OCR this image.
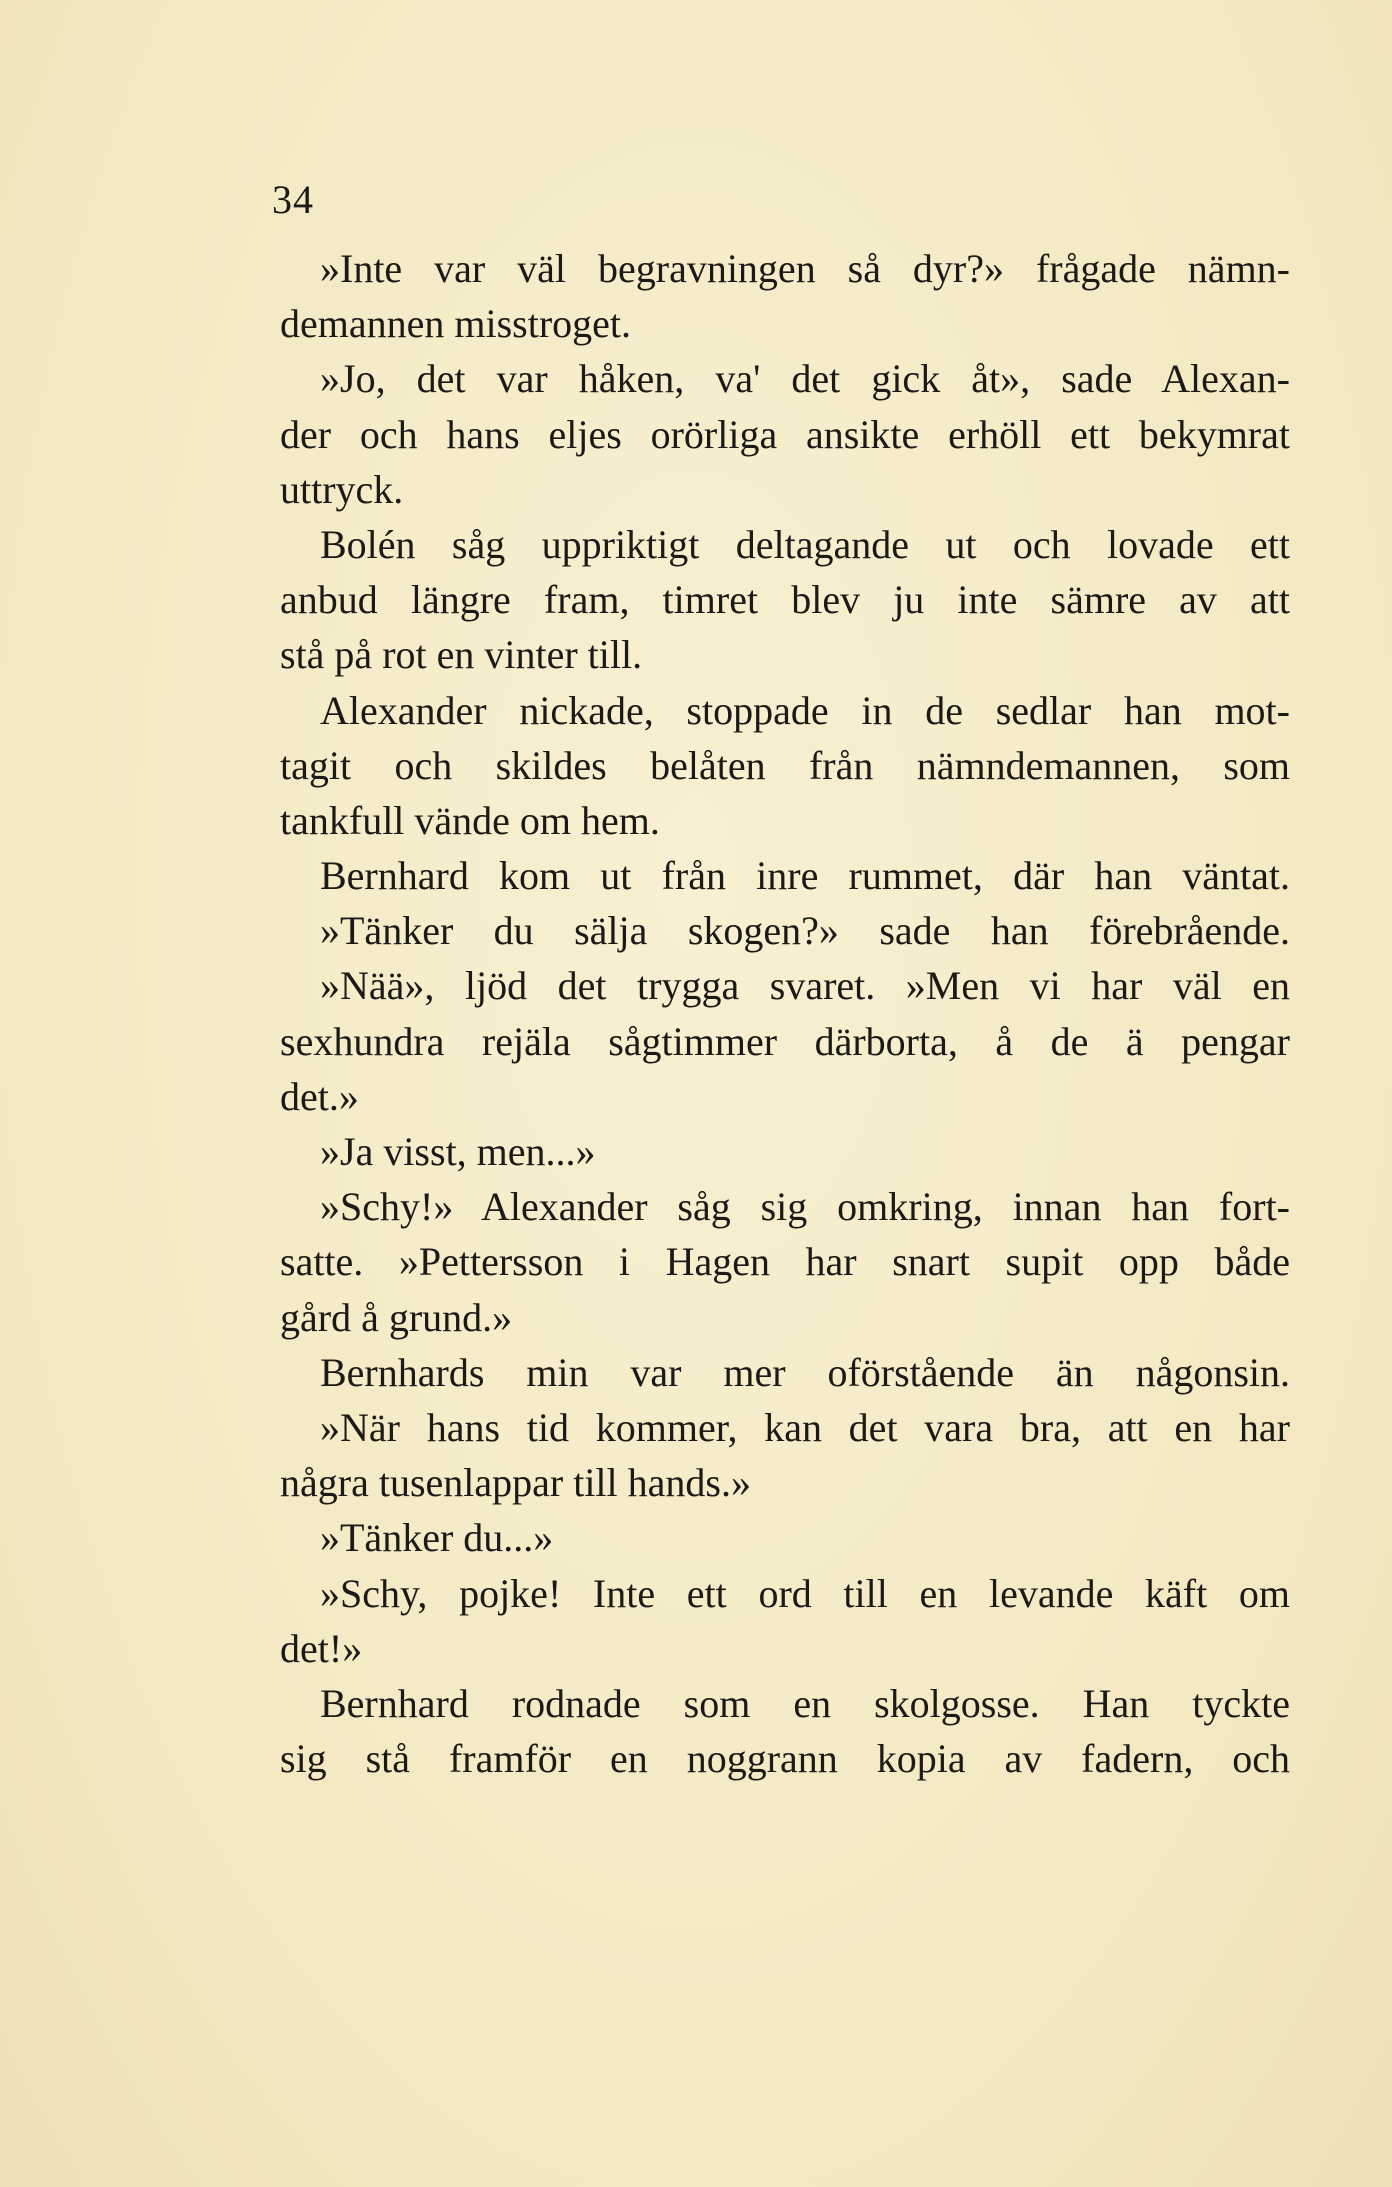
34
»Inte var väl begravningen så dyr?» frågade nämn-
demannen misstroget.
»Jo, det var håken, va' det gick åt», sade Alexan-
der och hans eljes orörliga ansikte erhöll ett bekymrat
uttryck.
Bolén såg uppriktigt deltagande ut och lovade ett
anbud längre fram, timret blev ju inte sämre av att
stå på rot en vinter till.
Alexander nickade, stoppade in de sedlar han mot-
tagit och skildes belåten från nämndemannen, som
tankfull vände om hem.
Bernhard kom ut från inre rummet, där han väntat.
»Tänker du sälja skogen?» sade han förebrående.
»Nää», ljöd det trygga svaret. »Men vi har väl en
sexhundra rejäla sågtimmer därborta, å de ä pengar
det.»
»Ja visst, men...»
»Schy!» Alexander såg sig omkring, innan han fort-
satte. »Pettersson i Hagen har snart supit opp både
gård å grund.»
Bernhards min var mer oförstående än någonsin.
»När hans tid kommer, kan det vara bra, att en har
några tusenlappar till hands.»
»Tänker du...»
»Schy, pojke! Inte ett ord till en levande käft om
det!»
Bernhard rodnade som en skolgosse. Han tyckte
sig stå framför en noggrann kopia av fadern, och
